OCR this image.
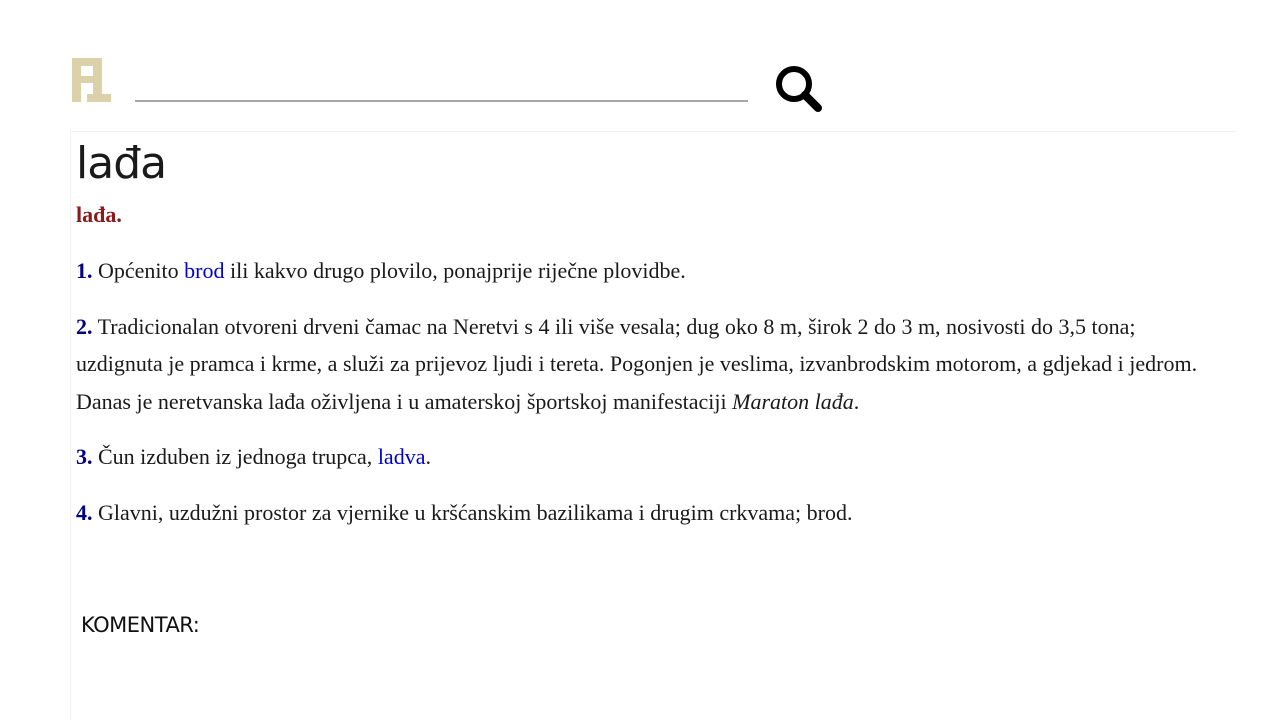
lađa
lađa.

1. Općenito brod ili kakvo drugo plovilo, ponajprije riječne plovidbe.

2. Tradicionalan otvoreni drveni čamac na Neretvi s 4 ili više vesala; dug oko 8 m, širok 2 do 3 m, nosivosti do 3,5 tona; uzdignuta je pramca i krme, a služi za prijevoz ljudi i tereta. Pogonjen je veslima, izvanbrodskim motorom, a gdjekad i jedrom. Danas je neretvanska lađa oživljena i u amaterskoj športskoj manifestaciji Maraton lađa.

3. Čun izduben iz jednoga trupca, ladva.

4. Glavni, uzdužni prostor za vjernike u kršćanskim bazilikama i drugim crkvama; brod.

KOMENTAR:
